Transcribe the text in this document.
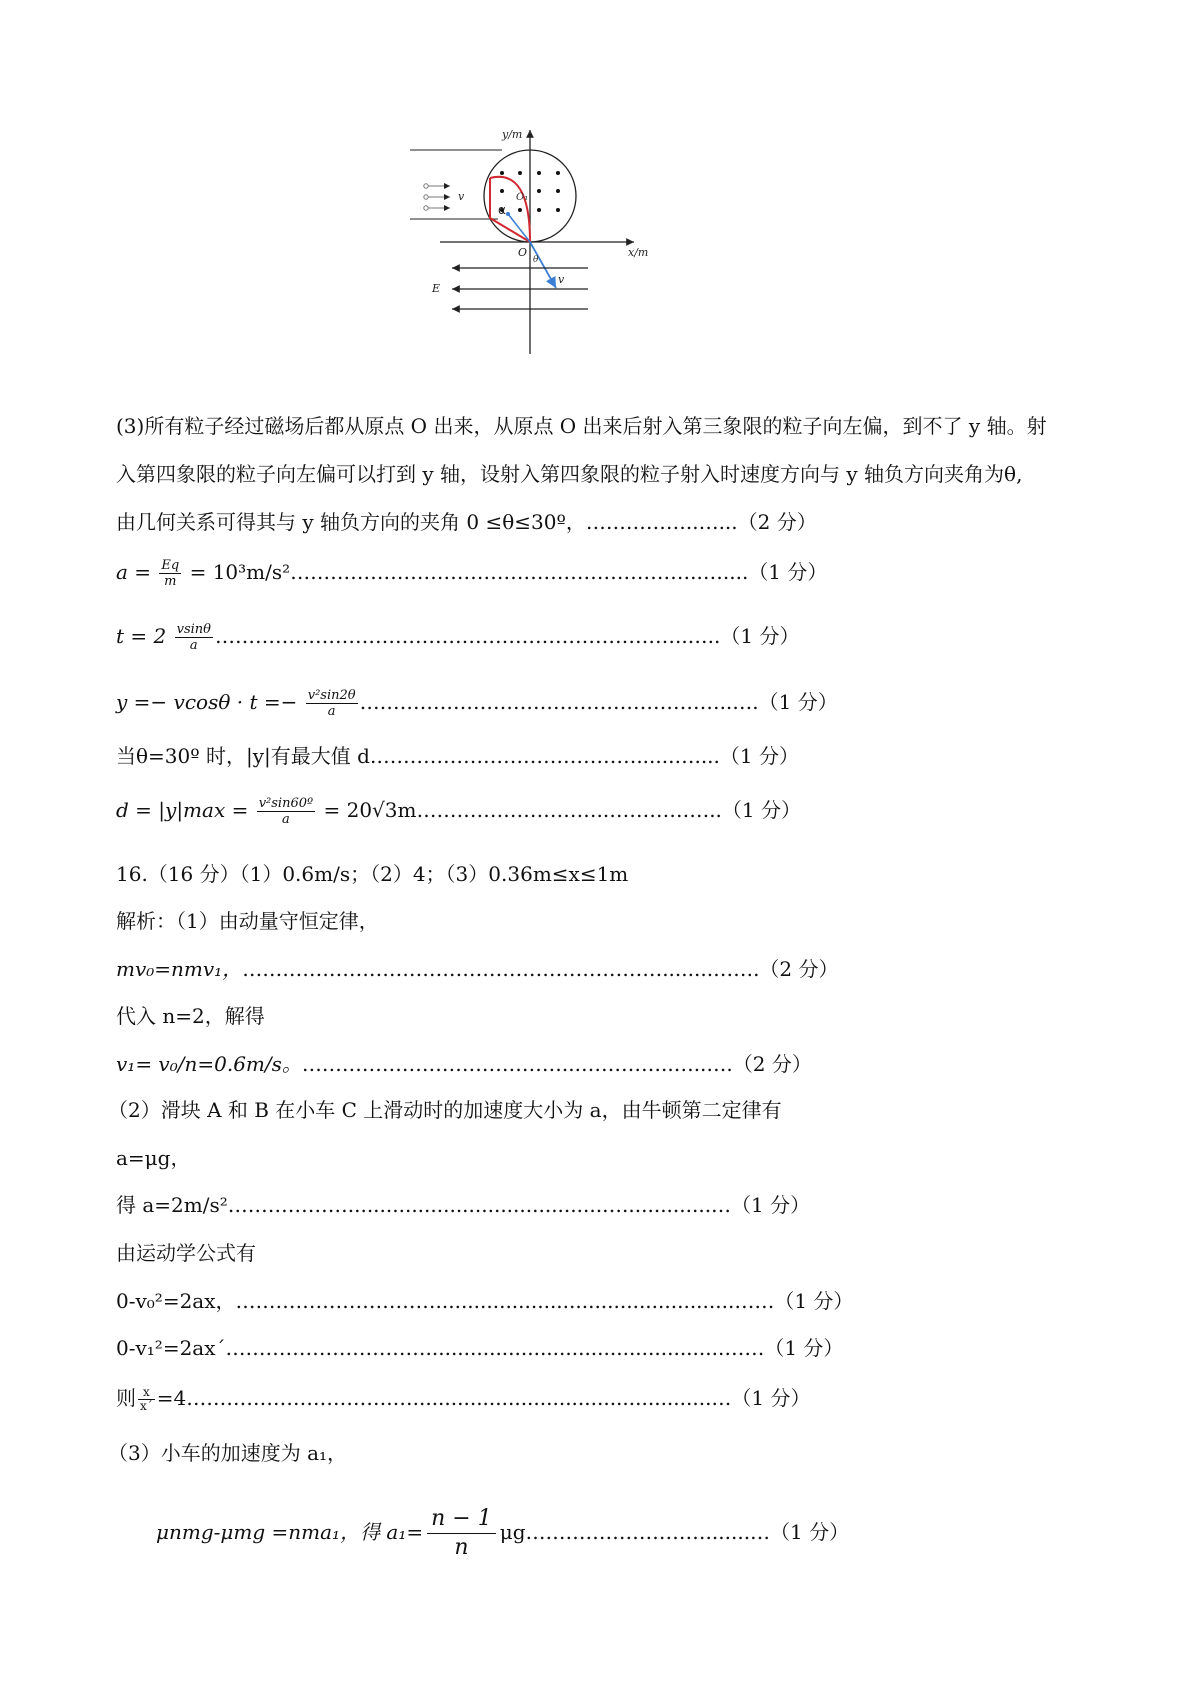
v
α
O₁
y/m
x/m
O
θ
v
E
(3)所有粒子经过磁场后都从原点 O 出来，从原点 O 出来后射入第三象限的粒子向左偏，到不了 y 轴。射
入第四象限的粒子向左偏可以打到 y 轴，设射入第四象限的粒子射入时速度方向与 y 轴负方向夹角为θ,
由几何关系可得其与 y 轴负方向的夹角 0 ≤θ≤30º，……………..…...（2 分）
$a = \frac{Eq}{m}$ = 10³m/s²……………………………………………………..…....（1 分）
$t = 2 \frac{vsin\theta}{a}$ ……………………………………………………………..…..（1 分）
$y =- vcos\theta \cdot t =- \frac{\text{v²sin2θ}}{a}$ ………………………………………………..….（1 分）
当θ=30º 时，|y|有最大值 d.…………………………………......…....（1 分）
$d = |y|\max = \frac{\text{v²sin60º}}{a}$ = 20√3m………………………..……………..（1 分）
16.（16 分）（1）0.6m/s；（2）4；（3）0.36m≤x≤1m
解析：（1）由动量守恒定律，
mv₀=nmv₁，………………………………………………………........…….（2 分）
代入 n=2，解得
v₁= v₀/n=0.6m/s。…………………………………...…………..…..….（2 分）
（2）滑块 A 和 B 在小车 C 上滑动时的加速度大小为 a，由牛顿第二定律有
a=μg，
得 a=2m/s²………………........................................…..............…（1 分）
由运动学公式有
0-v₀²=2ax，…………………………...............................................……（1 分）
0-v₁²=2ax´…………………………...............................................……（1 分）
则 $\frac{x}{x´}$ =4………………………….…...............................................…（1 分）
（3）小车的加速度为 a₁，
μnmg-μmg =nma₁，得 $a_1= \frac{n - 1}{n}$ μg……………………….......…（1 分）
